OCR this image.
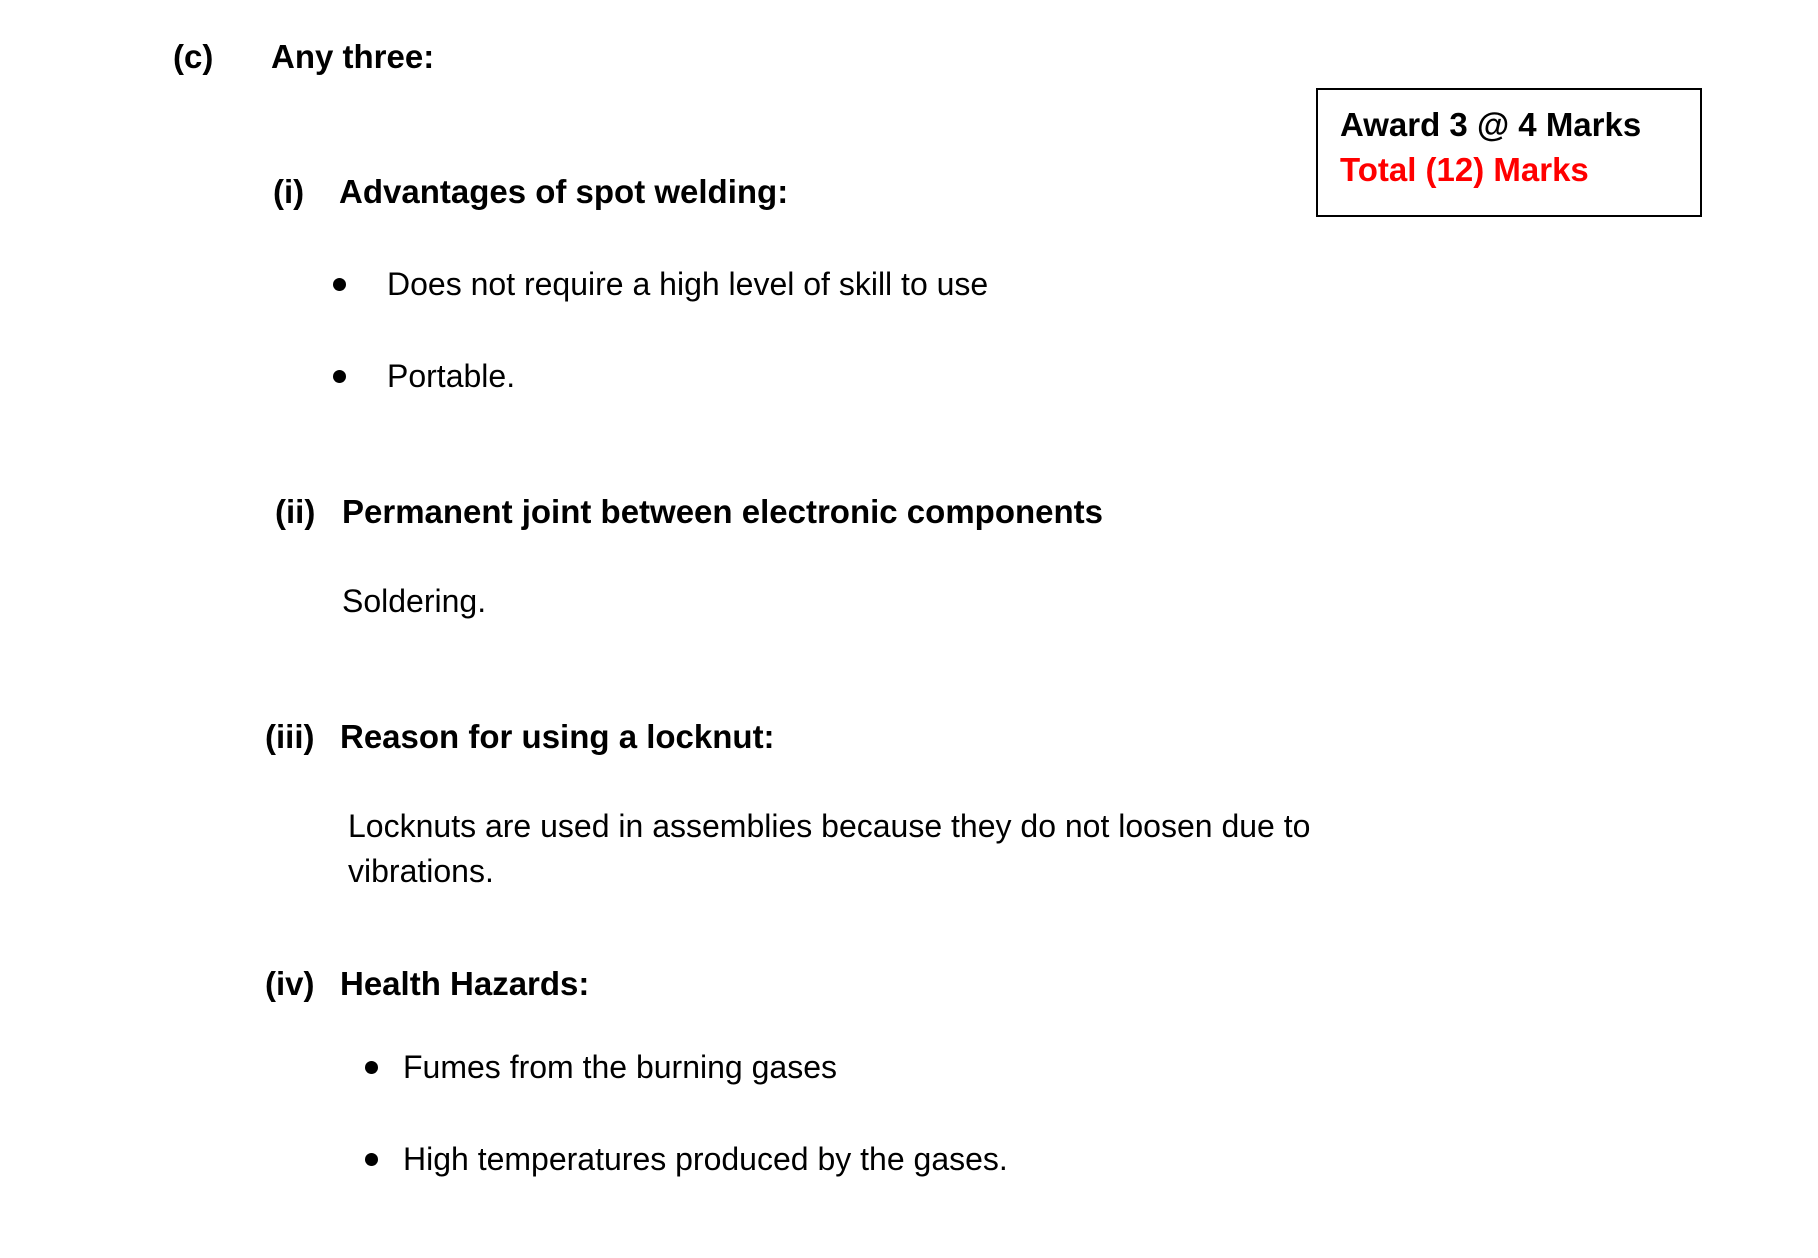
(c) Any three:
Award 3 @ 4 Marks
Total (12) Marks
(i) Advantages of spot welding:
Does not require a high level of skill to use
Portable.
(ii) Permanent joint between electronic components
Soldering.
(iii) Reason for using a locknut:
Locknuts are used in assemblies because they do not loosen due to
vibrations.
(iv) Health Hazards:
Fumes from the burning gases
High temperatures produced by the gases.
